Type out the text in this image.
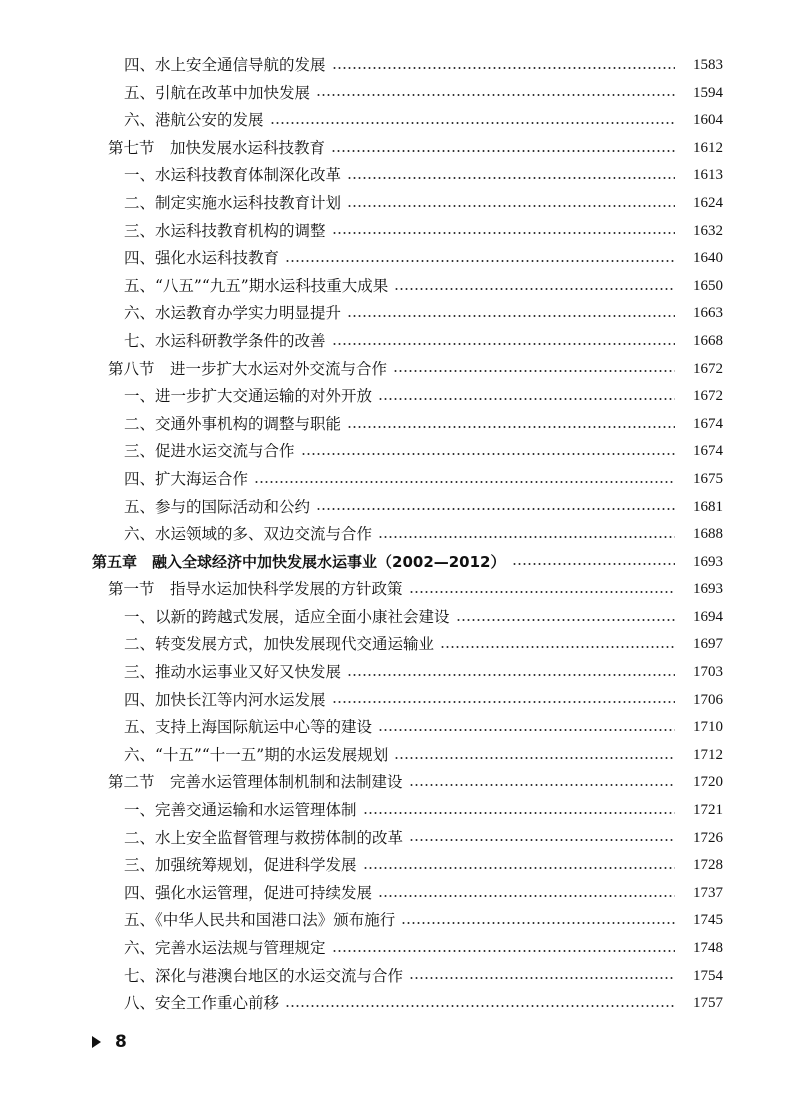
四、水上安全通信导航的发展	1583
五、引航在改革中加快发展	1594
六、港航公安的发展	1604
第七节　加快发展水运科技教育	1612
一、水运科技教育体制深化改革	1613
二、制定实施水运科技教育计划	1624
三、水运科技教育机构的调整	1632
四、强化水运科技教育	1640
五、“八五”“九五”期水运科技重大成果	1650
六、水运教育办学实力明显提升	1663
七、水运科研教学条件的改善	1668
第八节　进一步扩大水运对外交流与合作	1672
一、进一步扩大交通运输的对外开放	1672
二、交通外事机构的调整与职能	1674
三、促进水运交流与合作	1674
四、扩大海运合作	1675
五、参与的国际活动和公约	1681
六、水运领域的多、双边交流与合作	1688
第五章　融入全球经济中加快发展水运事业（2002—2012）	1693
第一节　指导水运加快科学发展的方针政策	1693
一、以新的跨越式发展，适应全面小康社会建设	1694
二、转变发展方式，加快发展现代交通运输业	1697
三、推动水运事业又好又快发展	1703
四、加快长江等内河水运发展	1706
五、支持上海国际航运中心等的建设	1710
六、“十五”“十一五”期的水运发展规划	1712
第二节　完善水运管理体制机制和法制建设	1720
一、完善交通运输和水运管理体制	1721
二、水上安全监督管理与救捞体制的改革	1726
三、加强统筹规划，促进科学发展	1728
四、强化水运管理，促进可持续发展	1737
五、《中华人民共和国港口法》颁布施行	1745
六、完善水运法规与管理规定	1748
七、深化与港澳台地区的水运交流与合作	1754
八、安全工作重心前移	1757
8
